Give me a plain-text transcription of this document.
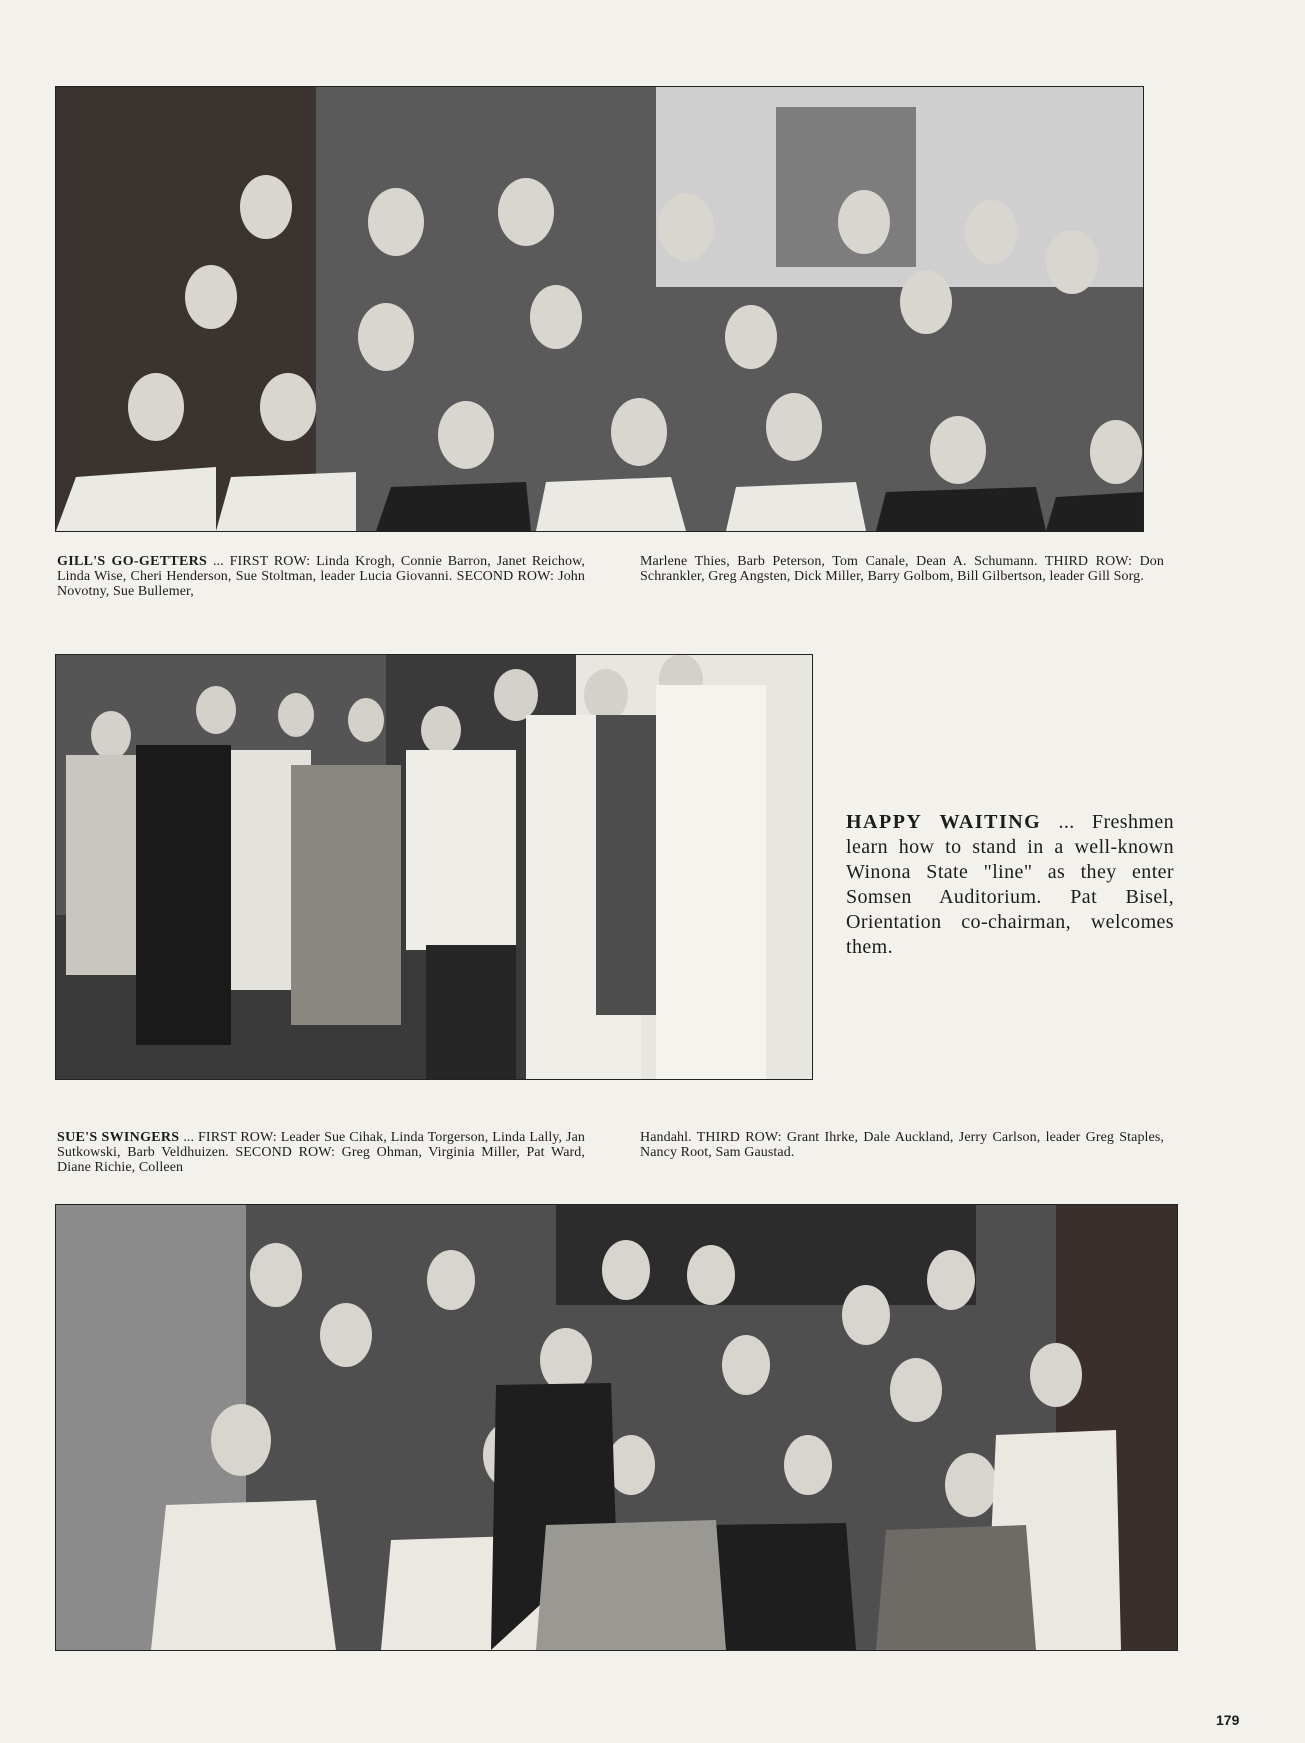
GILL'S GO-GETTERS ... FIRST ROW: Linda Krogh, Connie Barron, Janet Reichow, Linda Wise, Cheri Henderson, Sue Stoltman, leader Lucia Giovanni. SECOND ROW: John Novotny, Sue Bullemer,
Marlene Thies, Barb Peterson, Tom Canale, Dean A. Schumann. THIRD ROW: Don Schrankler, Greg Angsten, Dick Miller, Barry Golbom, Bill Gilbertson, leader Gill Sorg.
HAPPY WAITING ... Freshmen learn how to stand in a well-known Winona State "line" as they enter Somsen Auditorium. Pat Bisel, Orientation co-chairman, welcomes them.
SUE'S SWINGERS ... FIRST ROW: Leader Sue Cihak, Linda Torgerson, Linda Lally, Jan Sutkowski, Barb Veldhuizen. SECOND ROW: Greg Ohman, Virginia Miller, Pat Ward, Diane Richie, Colleen
Handahl. THIRD ROW: Grant Ihrke, Dale Auckland, Jerry Carlson, leader Greg Staples, Nancy Root, Sam Gaustad.
179
